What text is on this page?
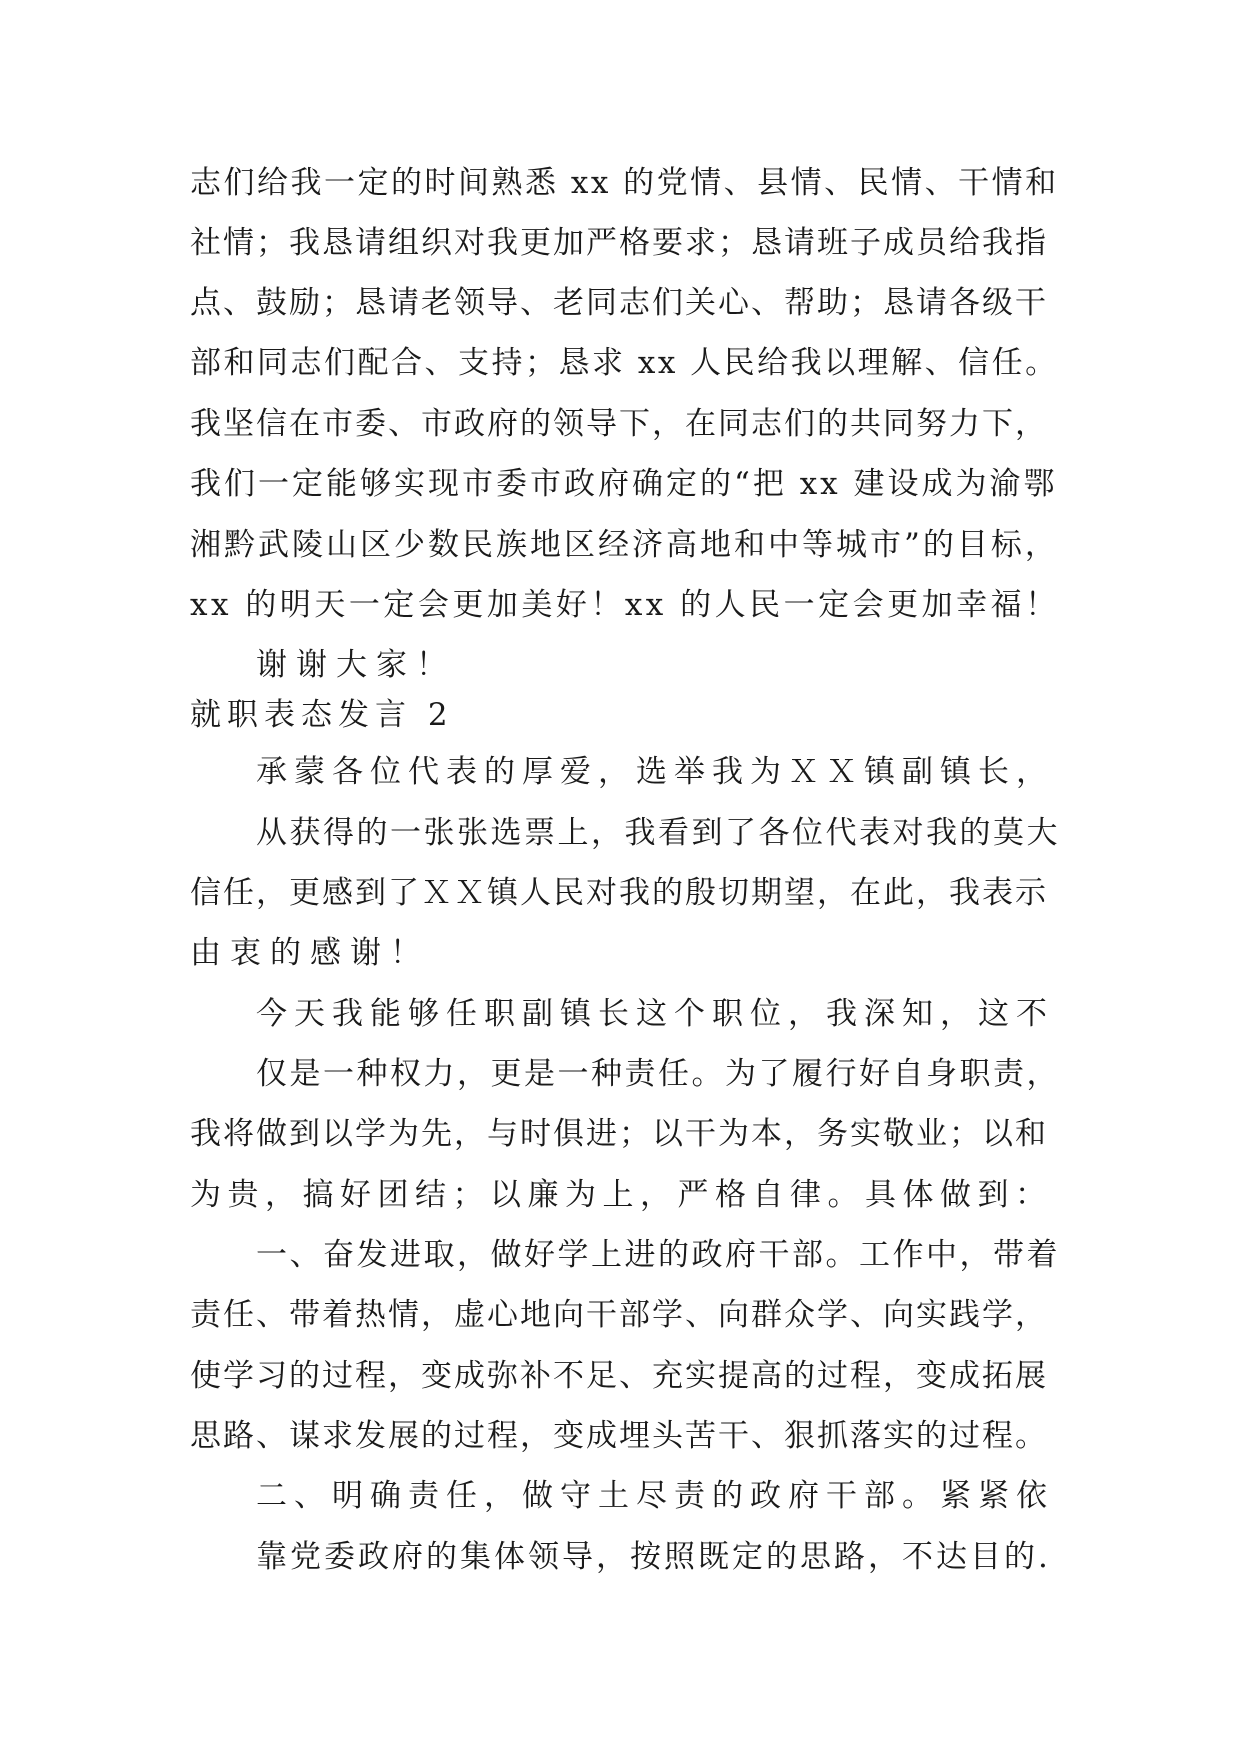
志们给我一定的时间熟悉 xx 的党情、县情、民情、干情和
社情；我恳请组织对我更加严格要求；恳请班子成员给我指
点、鼓励；恳请老领导、老同志们关心、帮助；恳请各级干
部和同志们配合、支持；恳求 xx 人民给我以理解、信任。
我坚信在市委、市政府的领导下，在同志们的共同努力下，
我们一定能够实现市委市政府确定的“把 xx 建设成为渝鄂
湘黔武陵山区少数民族地区经济高地和中等城市”的目标，
xx 的明天一定会更加美好！xx 的人民一定会更加幸福！
谢谢大家！
就职表态发言 2
承蒙各位代表的厚爱，选举我为ＸＸ镇副镇长，
从获得的一张张选票上，我看到了各位代表对我的莫大
信任，更感到了ＸＸ镇人民对我的殷切期望，在此，我表示
由衷的感谢！
今天我能够任职副镇长这个职位，我深知，这不
仅是一种权力，更是一种责任。为了履行好自身职责，
我将做到以学为先，与时俱进；以干为本，务实敬业；以和
为贵，搞好团结；以廉为上，严格自律。具体做到：
一、奋发进取，做好学上进的政府干部。工作中，带着
责任、带着热情，虚心地向干部学、向群众学、向实践学，
使学习的过程，变成弥补不足、充实提高的过程，变成拓展
思路、谋求发展的过程，变成埋头苦干、狠抓落实的过程。
二、明确责任，做守土尽责的政府干部。紧紧依
靠党委政府的集体领导，按照既定的思路，不达目的.
